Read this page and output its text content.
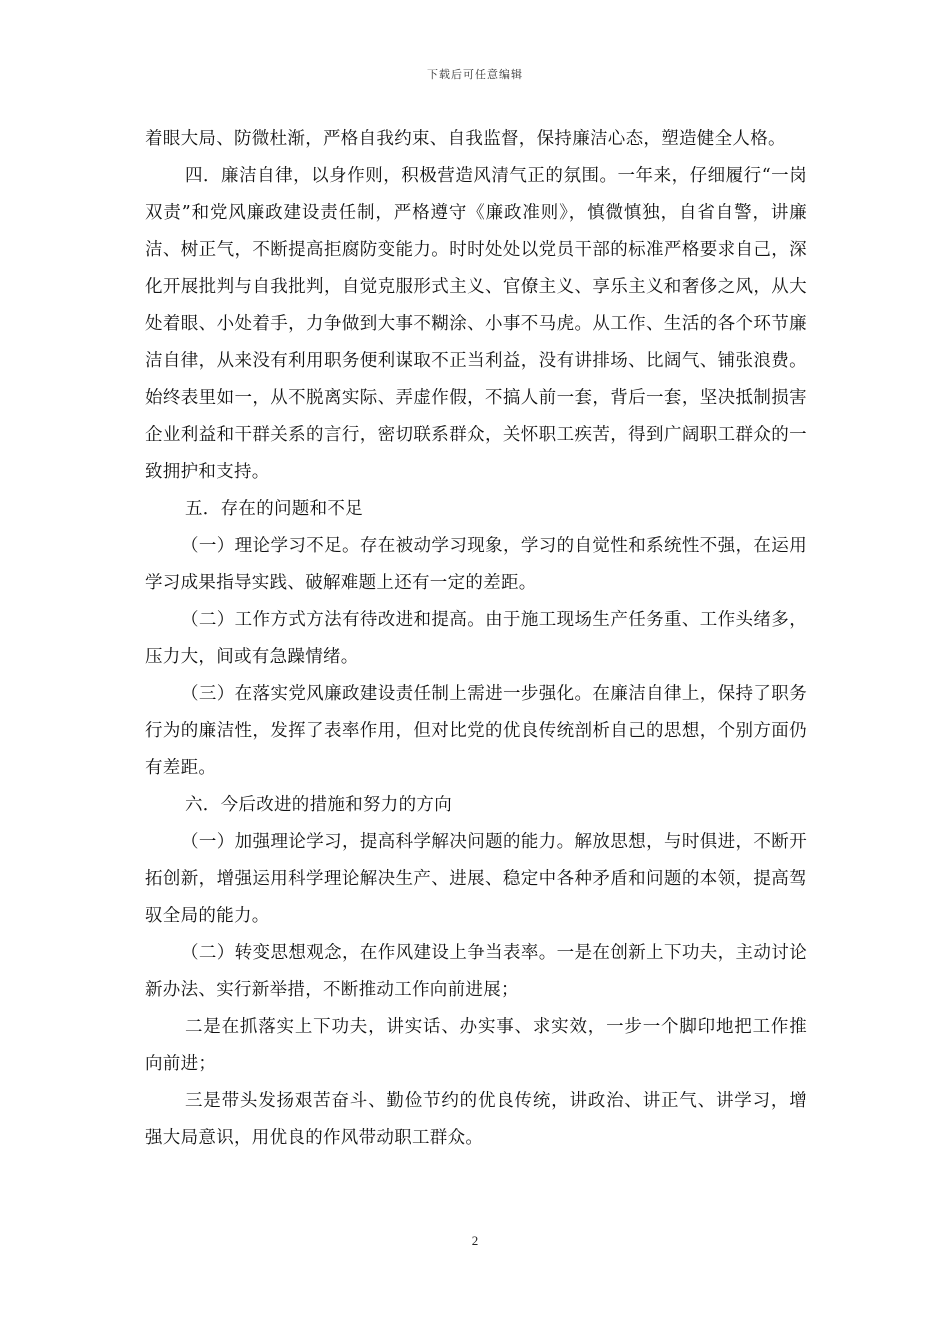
下载后可任意编辑

着眼大局、防微杜渐，严格自我约束、自我监督，保持廉洁心态，塑造健全人格。

四．廉洁自律，以身作则，积极营造风清气正的氛围。一年来，仔细履行“一岗双责”和党风廉政建设责任制，严格遵守《廉政准则》，慎微慎独，自省自警，讲廉洁、树正气，不断提高拒腐防变能力。时时处处以党员干部的标准严格要求自己，深化开展批判与自我批判，自觉克服形式主义、官僚主义、享乐主义和奢侈之风，从大处着眼、小处着手，力争做到大事不糊涂、小事不马虎。从工作、生活的各个环节廉洁自律，从来没有利用职务便利谋取不正当利益，没有讲排场、比阔气、铺张浪费。始终表里如一，从不脱离实际、弄虚作假，不搞人前一套，背后一套，坚决抵制损害企业利益和干群关系的言行，密切联系群众，关怀职工疾苦，得到广阔职工群众的一致拥护和支持。

五．存在的问题和不足

（一）理论学习不足。存在被动学习现象，学习的自觉性和系统性不强，在运用学习成果指导实践、破解难题上还有一定的差距。

（二）工作方式方法有待改进和提高。由于施工现场生产任务重、工作头绪多，压力大，间或有急躁情绪。

（三）在落实党风廉政建设责任制上需进一步强化。在廉洁自律上，保持了职务行为的廉洁性，发挥了表率作用，但对比党的优良传统剖析自己的思想，个别方面仍有差距。

六．今后改进的措施和努力的方向

（一）加强理论学习，提高科学解决问题的能力。解放思想，与时俱进，不断开拓创新，增强运用科学理论解决生产、进展、稳定中各种矛盾和问题的本领，提高驾驭全局的能力。

（二）转变思想观念，在作风建设上争当表率。一是在创新上下功夫，主动讨论新办法、实行新举措，不断推动工作向前进展；

二是在抓落实上下功夫，讲实话、办实事、求实效，一步一个脚印地把工作推向前进；

三是带头发扬艰苦奋斗、勤俭节约的优良传统，讲政治、讲正气、讲学习，增强大局意识，用优良的作风带动职工群众。

2
